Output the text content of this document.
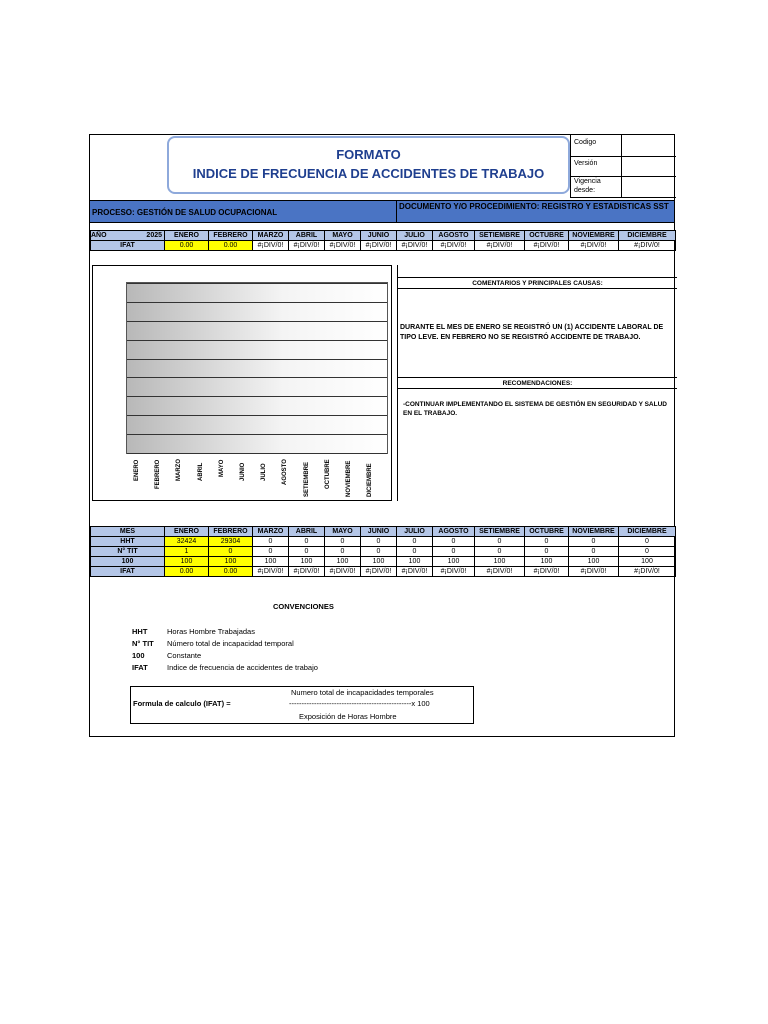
FORMATO
INDICE DE FRECUENCIA DE ACCIDENTES DE TRABAJO
Codigo
Versión
Vigencia desde:
PROCESO: GESTIÓN DE SALUD OCUPACIONAL
DOCUMENTO Y/O PROCEDIMIENTO: REGISTRO Y ESTADISTICAS SST
AÑO 2025	ENERO	FEBRERO	MARZO	ABRIL	MAYO	JUNIO	JULIO	AGOSTO	SETIEMBRE	OCTUBRE	NOVIEMBRE	DICIEMBRE
IFAT	0.00	0.00	#¡DIV/0!	#¡DIV/0!	#¡DIV/0!	#¡DIV/0!	#¡DIV/0!	#¡DIV/0!	#¡DIV/0!	#¡DIV/0!	#¡DIV/0!	#¡DIV/0!
ENERO	FEBRERO	MARZO	ABRIL	MAYO	JUNIO	JULIO	AGOSTO	SETIEMBRE	OCTUBRE	NOVIEMBRE	DICIEMBRE
COMENTARIOS Y PRINCIPALES CAUSAS:
DURANTE EL MES DE ENERO SE REGISTRÓ UN (1) ACCIDENTE LABORAL DE TIPO LEVE. EN FEBRERO NO SE REGISTRÓ ACCIDENTE DE TRABAJO.
RECOMENDACIONES:
-CONTINUAR IMPLEMENTANDO EL SISTEMA DE GESTIÓN EN SEGURIDAD Y SALUD EN EL TRABAJO.
MES	ENERO	FEBRERO	MARZO	ABRIL	MAYO	JUNIO	JULIO	AGOSTO	SETIEMBRE	OCTUBRE	NOVIEMBRE	DICIEMBRE
HHT	32424	29304	0	0	0	0	0	0	0	0	0	0
N° TIT	1	0	0	0	0	0	0	0	0	0	0	0
100	100	100	100	100	100	100	100	100	100	100	100	100
IFAT	0.00	0.00	#¡DIV/0!	#¡DIV/0!	#¡DIV/0!	#¡DIV/0!	#¡DIV/0!	#¡DIV/0!	#¡DIV/0!	#¡DIV/0!	#¡DIV/0!	#¡DIV/0!
CONVENCIONES
HHT	Horas Hombre Trabajadas
N° TIT Número total de incapacidad temporal
100	Constante
IFAT	Indice de frecuencia de accidentes de trabajo
Formula de calculo (IFAT) =
Numero total de incapacidades temporales
-------------------------------------------------x 100
Exposición de Horas Hombre
